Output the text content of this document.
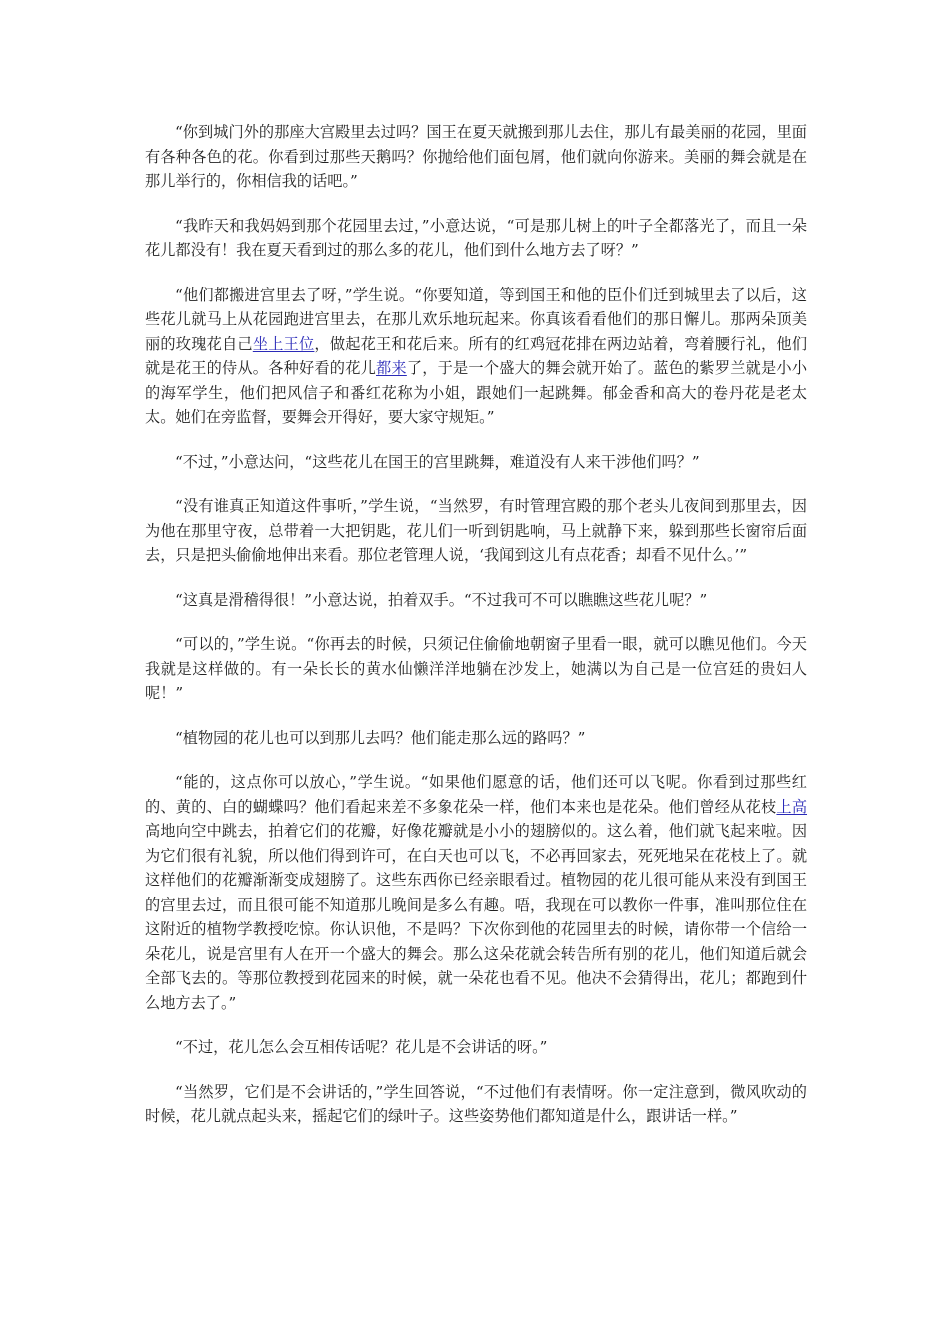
“你到城门外的那座大宫殿里去过吗？国王在夏天就搬到那儿去住，那儿有最美丽的花园，里面有各种各色的花。你看到过那些天鹅吗？你抛给他们面包屑，他们就向你游来。美丽的舞会就是在那儿举行的，你相信我的话吧。”

“我昨天和我妈妈到那个花园里去过，”小意达说，“可是那儿树上的叶子全都落光了，而且一朵花儿都没有！我在夏天看到过的那么多的花儿，他们到什么地方去了呀？”

“他们都搬进宫里去了呀，”学生说。“你要知道，等到国王和他的臣仆们迁到城里去了以后，这些花儿就马上从花园跑进宫里去，在那儿欢乐地玩起来。你真该看看他们的那日懈儿。那两朵顶美丽的玫瑰花自己坐上王位，做起花王和花后来。所有的红鸡冠花排在两边站着，弯着腰行礼，他们就是花王的侍从。各种好看的花儿都来了，于是一个盛大的舞会就开始了。蓝色的紫罗兰就是小小的海军学生，他们把风信子和番红花称为小姐，跟她们一起跳舞。郁金香和高大的卷丹花是老太太。她们在旁监督，要舞会开得好，要大家守规矩。”

“不过，”小意达问，“这些花儿在国王的宫里跳舞，难道没有人来干涉他们吗？”

“没有谁真正知道这件事听，”学生说，“当然罗，有时管理宫殿的那个老头儿夜间到那里去，因为他在那里守夜，总带着一大把钥匙，花儿们一听到钥匙响，马上就静下来，躲到那些长窗帘后面去，只是把头偷偷地伸出来看。那位老管理人说，‘我闻到这儿有点花香；却看不见什么。’”

“这真是滑稽得很！”小意达说，拍着双手。“不过我可不可以瞧瞧这些花儿呢？”

“可以的，”学生说。“你再去的时候，只须记住偷偷地朝窗子里看一眼，就可以瞧见他们。今天我就是这样做的。有一朵长长的黄水仙懒洋洋地躺在沙发上，她满以为自己是一位宫廷的贵妇人呢！”

“植物园的花儿也可以到那儿去吗？他们能走那么远的路吗？”

“能的，这点你可以放心，”学生说。“如果他们愿意的话，他们还可以飞呢。你看到过那些红的、黄的、白的蝴蝶吗？他们看起来差不多象花朵一样，他们本来也是花朵。他们曾经从花枝上高高地向空中跳去，拍着它们的花瓣，好像花瓣就是小小的翅膀似的。这么着，他们就飞起来啦。因为它们很有礼貌，所以他们得到许可，在白天也可以飞，不必再回家去，死死地呆在花枝上了。就这样他们的花瓣渐渐变成翅膀了。这些东西你已经亲眼看过。植物园的花儿很可能从来没有到国王的宫里去过，而且很可能不知道那儿晚间是多么有趣。唔，我现在可以教你一件事，准叫那位住在这附近的植物学教授吃惊。你认识他，不是吗？下次你到他的花园里去的时候，请你带一个信给一朵花儿，说是宫里有人在开一个盛大的舞会。那么这朵花就会转告所有别的花儿，他们知道后就会全部飞去的。等那位教授到花园来的时候，就一朵花也看不见。他决不会猜得出，花儿；都跑到什么地方去了。”

“不过，花儿怎么会互相传话呢？花儿是不会讲话的呀。”

“当然罗，它们是不会讲话的，”学生回答说，“不过他们有表情呀。你一定注意到，微风吹动的时候，花儿就点起头来，摇起它们的绿叶子。这些姿势他们都知道是什么，跟讲话一样。”
